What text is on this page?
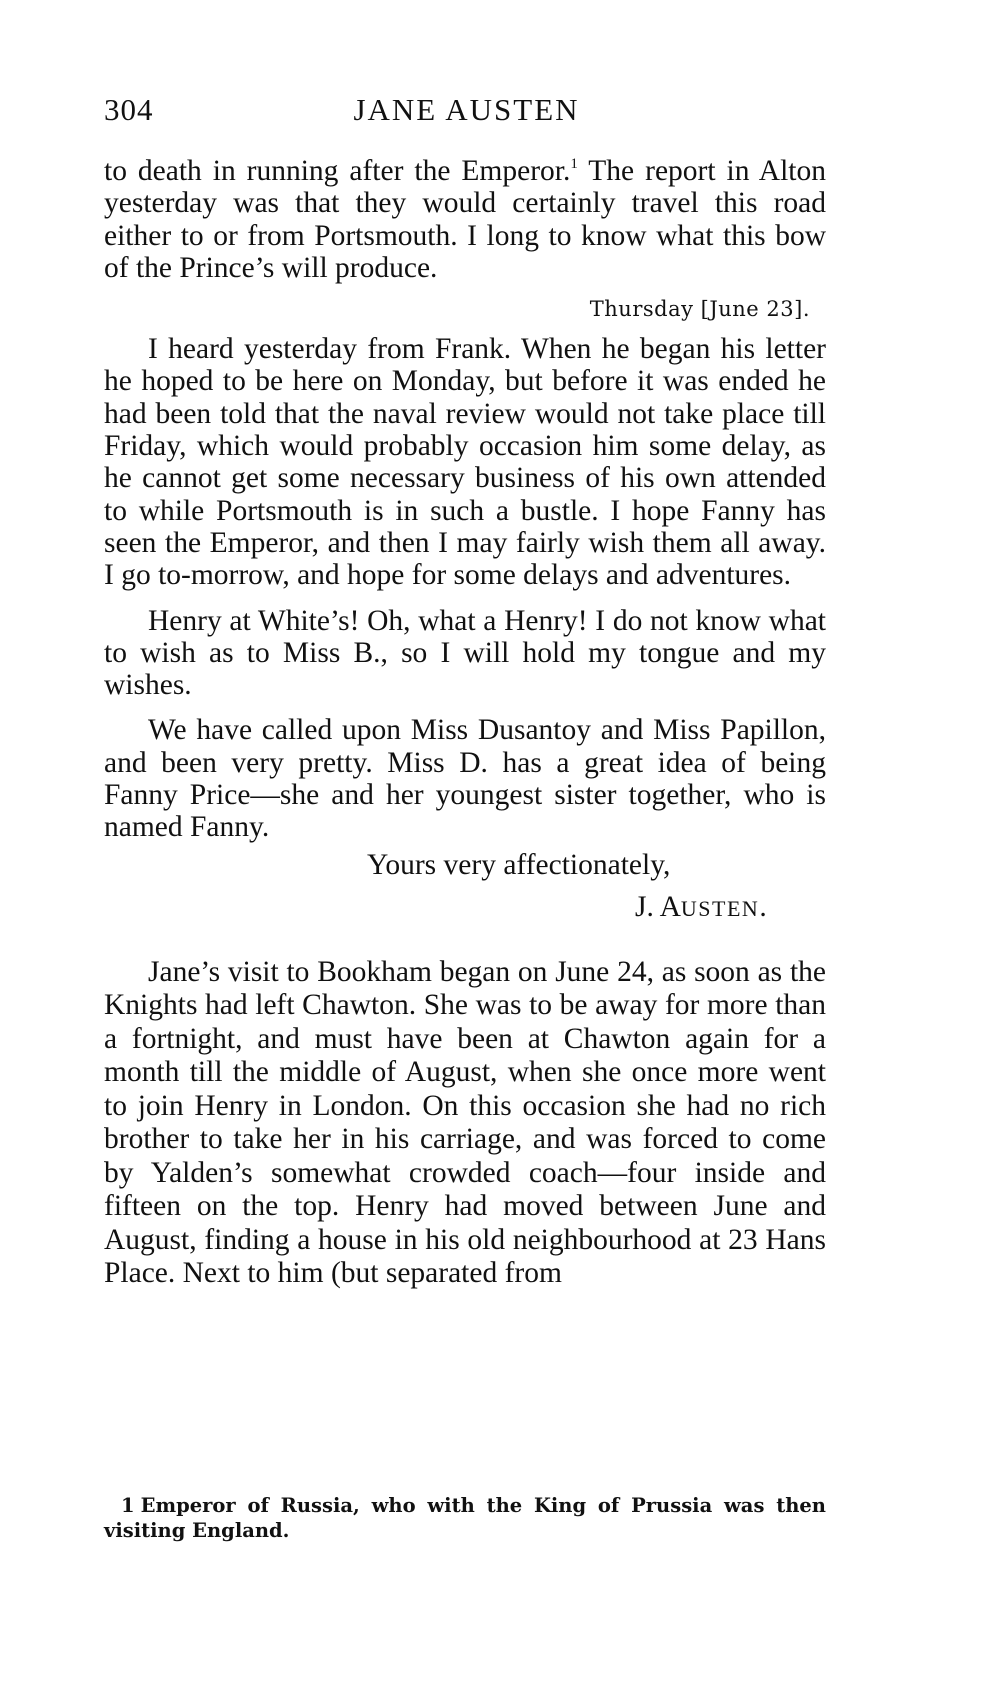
304	JANE AUSTEN

to death in running after the Emperor.$^1$ The report in Alton yesterday was that they would certainly travel this road either to or from Portsmouth. I long to know what this bow of the Prince’s will produce.

Thursday [June 23].

I heard yesterday from Frank. When he began his letter he hoped to be here on Monday, but before it was ended he had been told that the naval review would not take place till Friday, which would probably occasion him some delay, as he cannot get some necessary business of his own attended to while Portsmouth is in such a bustle. I hope Fanny has seen the Emperor, and then I may fairly wish them all away. I go to-morrow, and hope for some delays and adventures.

Henry at White’s! Oh, what a Henry! I do not know what to wish as to Miss B., so I will hold my tongue and my wishes.

We have called upon Miss Dusantoy and Miss Papillon, and been very pretty. Miss D. has a great idea of being Fanny Price—she and her youngest sister together, who is named Fanny.

Yours very affectionately,

J. AUSTEN.

Jane’s visit to Bookham began on June 24, as soon as the Knights had left Chawton. She was to be away for more than a fortnight, and must have been at Chawton again for a month till the middle of August, when she once more went to join Henry in London. On this occasion she had no rich brother to take her in his carriage, and was forced to come by Yalden’s somewhat crowded coach—four inside and fifteen on the top. Henry had moved between June and August, finding a house in his old neighbourhood at 23 Hans Place. Next to him (but separated from

1 Emperor of Russia, who with the King of Prussia was then visiting England.
